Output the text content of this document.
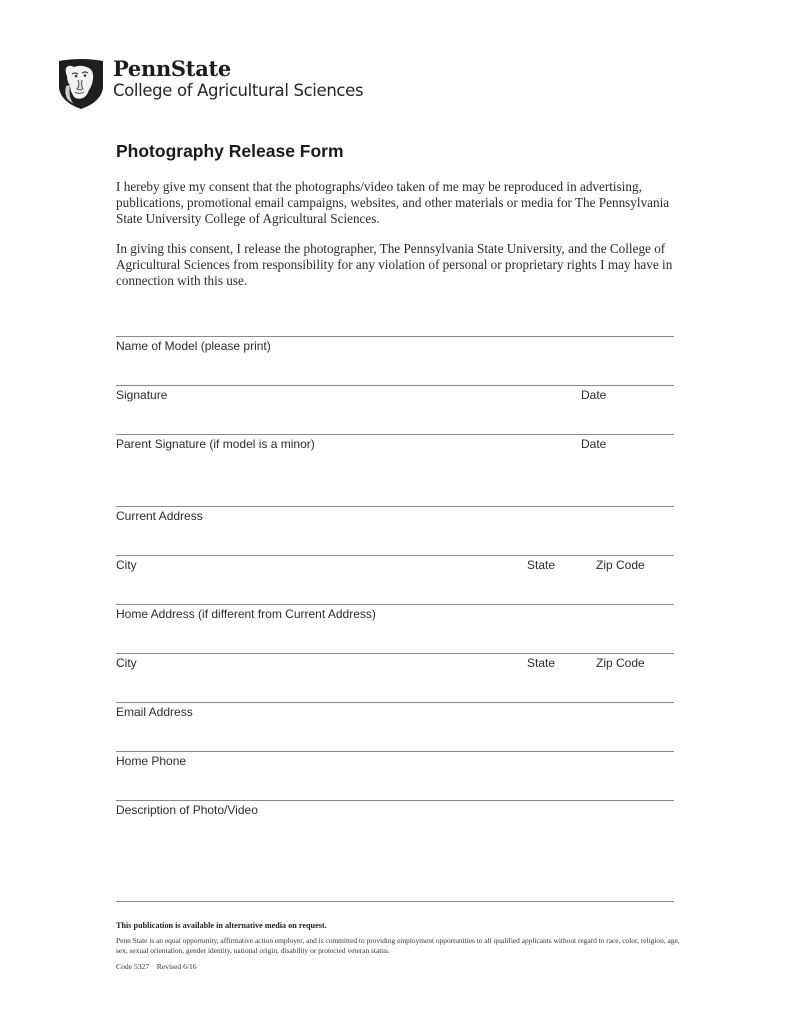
PennState
College of Agricultural Sciences
Photography Release Form
I hereby give my consent that the photographs/video taken of me may be reproduced in advertising, publications, promotional email campaigns, websites, and other materials or media for The Pennsylvania State University College of Agricultural Sciences.
In giving this consent, I release the photographer, The Pennsylvania State University, and the College of Agricultural Sciences from responsibility for any violation of personal or proprietary rights I may have in connection with this use.
Name of Model (please print)
Signature	Date
Parent Signature (if model is a minor)	Date
Current Address
City	State	Zip Code
Home Address (if different from Current Address)
City	State	Zip Code
Email Address
Home Phone
Description of Photo/Video
This publication is available in alternative media on request.
Penn State is an equal opportunity, affirmative action employer, and is committed to providing employment opportunities to all qualified applicants without regard to race, color, religion, age, sex, sexual orientation, gender identity, national origin, disability or protected veteran status.
Code 5327 Revised 6/16
